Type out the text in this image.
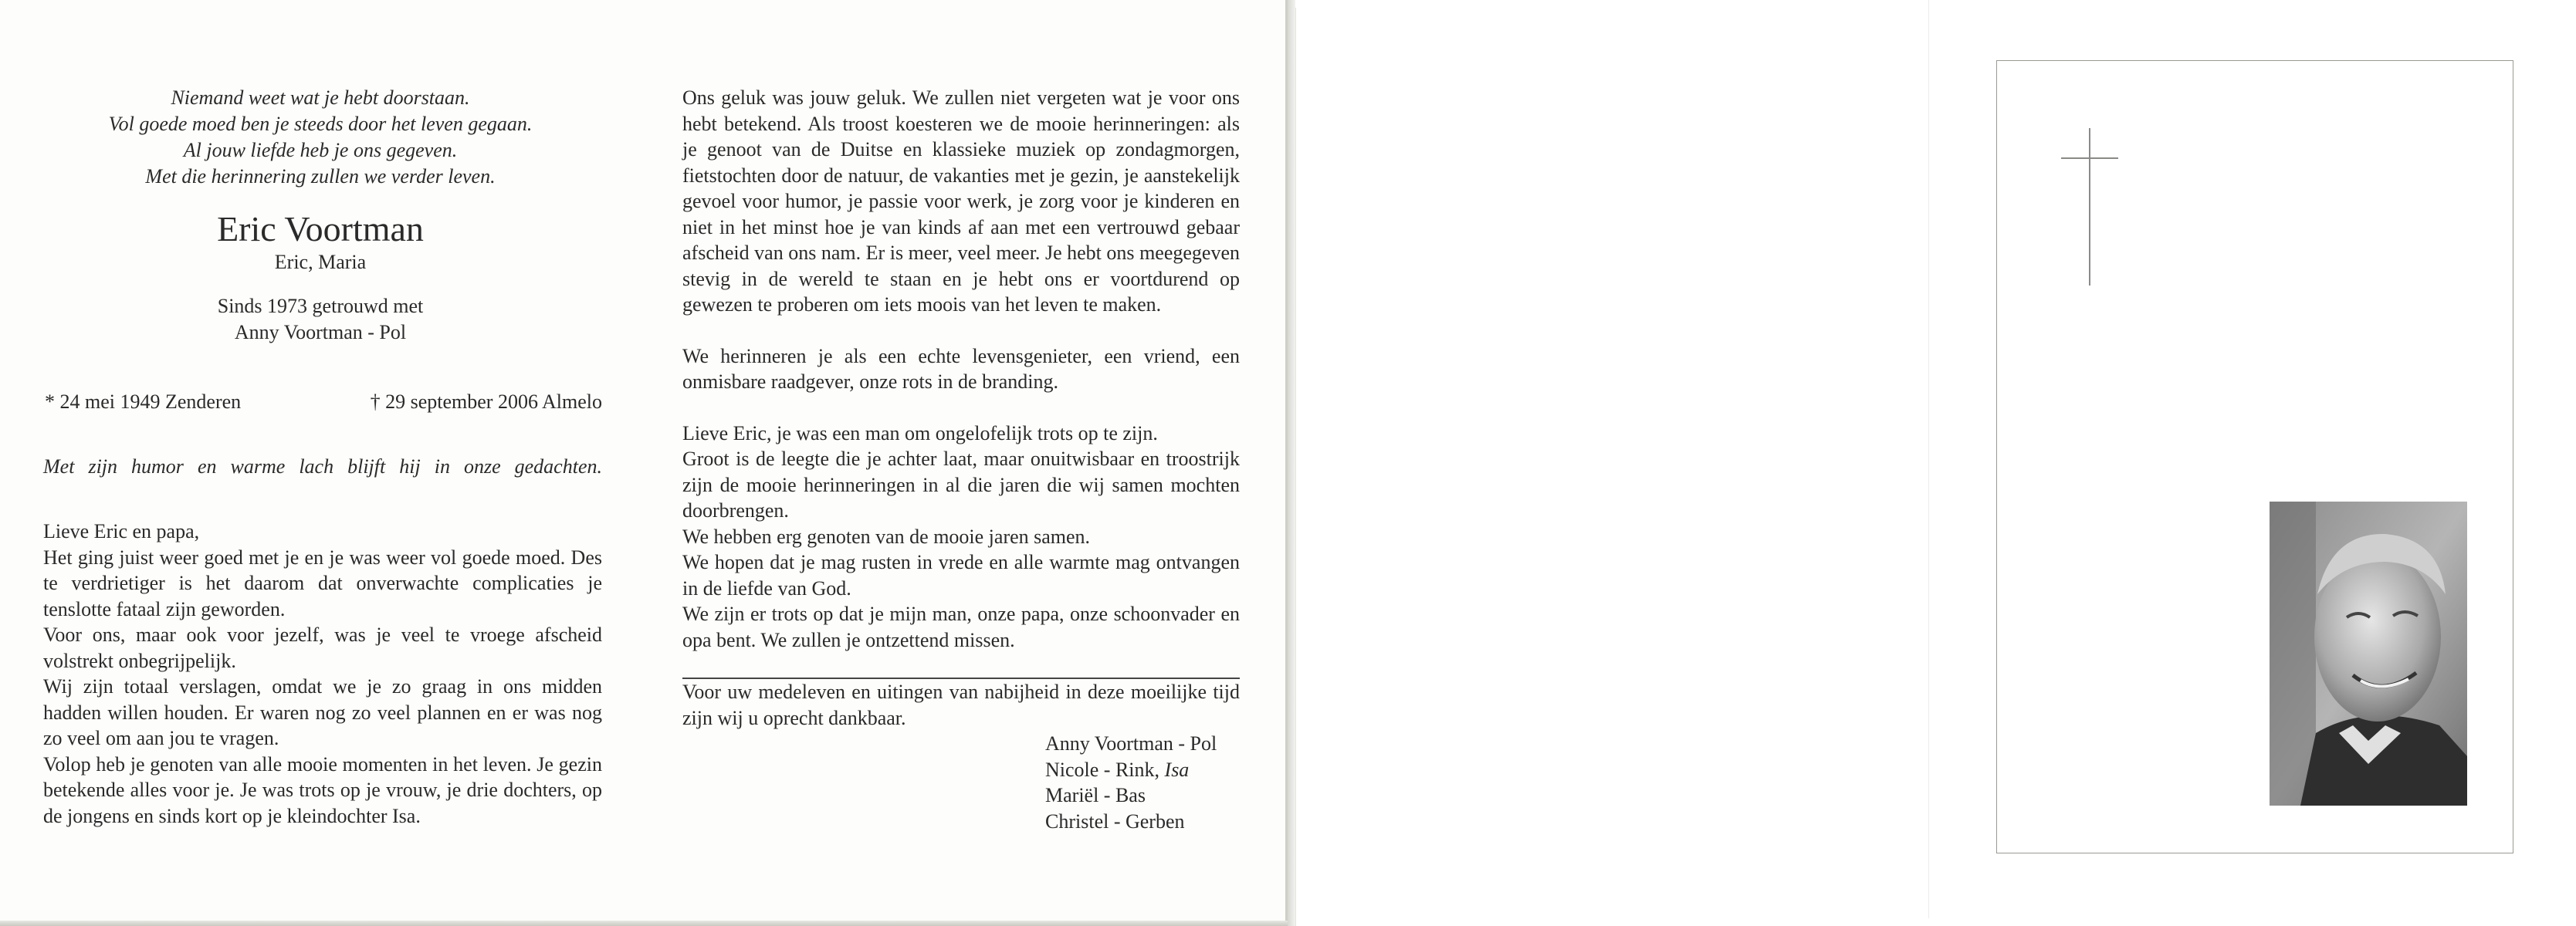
Niemand weet wat je hebt doorstaan.
Vol goede moed ben je steeds door het leven gegaan.
Al jouw liefde heb je ons gegeven.
Met die herinnering zullen we verder leven.
Eric Voortman
Eric, Maria
Sinds 1973 getrouwd met
Anny Voortman - Pol
* 24 mei 1949 Zenderen	† 29 september 2006 Almelo
Met zijn humor en warme lach blijft hij in onze gedachten.

Lieve Eric en papa,

Het ging juist weer goed met je en je was weer vol goede moed. Des te verdrietiger is het daarom dat onverwachte complicaties je tenslotte fataal zijn geworden.

Voor ons, maar ook voor jezelf, was je veel te vroege afscheid volstrekt onbegrijpelijk.

Wij zijn totaal verslagen, omdat we je zo graag in ons midden hadden willen houden. Er waren nog zo veel plannen en er was nog zo veel om aan jou te vragen.

Volop heb je genoten van alle mooie momenten in het leven. Je gezin betekende alles voor je. Je was trots op je vrouw, je drie dochters, op de jongens en sinds kort op je kleindochter Isa.

Ons geluk was jouw geluk. We zullen niet vergeten wat je voor ons hebt betekend. Als troost koesteren we de mooie herinneringen: als je genoot van de Duitse en klassieke muziek op zondagmorgen, fietstochten door de natuur, de vakanties met je gezin, je aanstekelijk gevoel voor humor, je passie voor werk, je zorg voor je kinderen en niet in het minst hoe je van kinds af aan met een vertrouwd gebaar afscheid van ons nam. Er is meer, veel meer. Je hebt ons meegegeven stevig in de wereld te staan en je hebt ons er voortdurend op gewezen te proberen om iets moois van het leven te maken.

We herinneren je als een echte levensgenieter, een vriend, een onmisbare raadgever, onze rots in de branding.

Lieve Eric, je was een man om ongelofelijk trots op te zijn.

Groot is de leegte die je achter laat, maar onuitwisbaar en troostrijk zijn de mooie herinneringen in al die jaren die wij samen mochten doorbrengen.

We hebben erg genoten van de mooie jaren samen.

We hopen dat je mag rusten in vrede en alle warmte mag ontvangen in de liefde van God.

We zijn er trots op dat je mijn man, onze papa, onze schoonvader en opa bent. We zullen je ontzettend missen.

Voor uw medeleven en uitingen van nabijheid in deze moeilijke tijd zijn wij u oprecht dankbaar.

Anny Voortman - Pol
Nicole - Rink, Isa
Mariël - Bas
Christel - Gerben
